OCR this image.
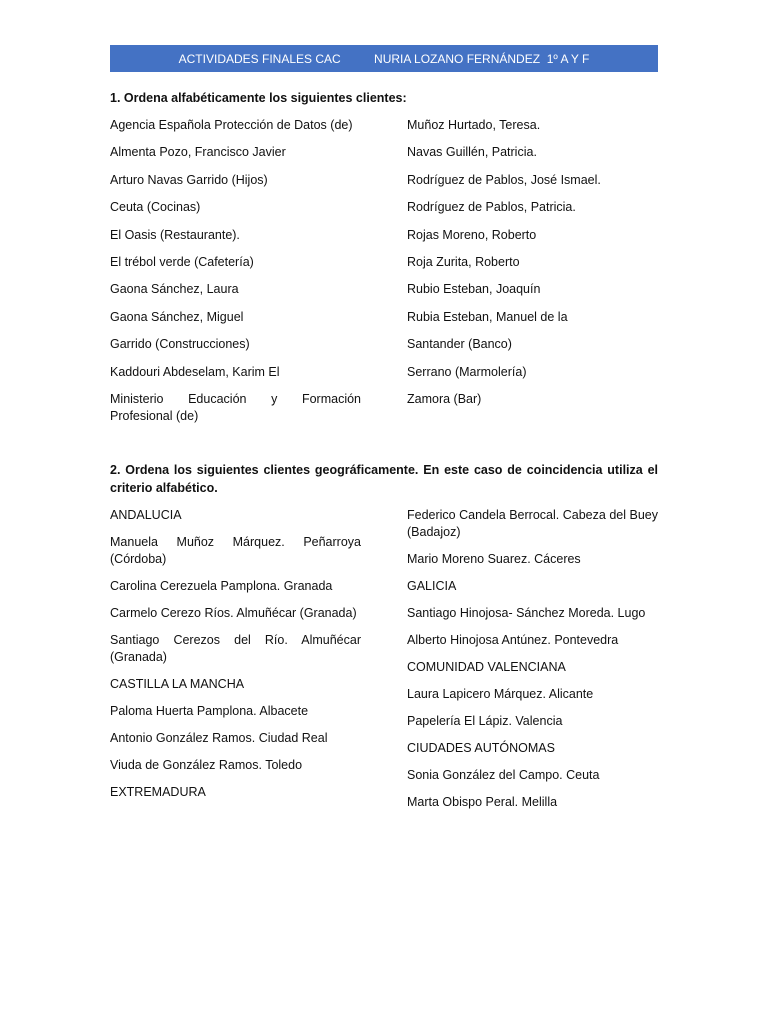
ACTIVIDADES FINALES CAC
	NURIA LOZANO FERNÁNDEZ  1º A Y F
1. Ordena alfabéticamente los siguientes clientes:
Agencia Española Protección de Datos (de)
Almenta Pozo, Francisco Javier
Arturo Navas Garrido (Hijos)
Ceuta (Cocinas)
El Oasis (Restaurante).
El trébol verde (Cafetería)
Gaona Sánchez, Laura
Gaona Sánchez, Miguel
Garrido (Construcciones)
Kaddouri Abdeselam, Karim El
Ministerio Educación y Formación Profesional (de)
Muñoz Hurtado, Teresa.
Navas Guillén, Patricia.
Rodríguez de Pablos, José Ismael.
Rodríguez de Pablos, Patricia.
Rojas Moreno, Roberto
Roja Zurita, Roberto
Rubio Esteban, Joaquín
Rubia Esteban, Manuel de la
Santander (Banco)
Serrano (Marmolería)
Zamora (Bar)
2. Ordena los siguientes clientes geográficamente. En este caso de coincidencia utiliza el criterio alfabético.
ANDALUCIA
Manuela Muñoz Márquez. Peñarroya (Córdoba)
Carolina Cerezuela Pamplona. Granada
Carmelo Cerezo Ríos. Almuñécar (Granada)
Santiago Cerezos del Río. Almuñécar (Granada)
CASTILLA LA MANCHA
Paloma Huerta Pamplona. Albacete
Antonio González Ramos. Ciudad Real
Viuda de González Ramos. Toledo
EXTREMADURA
Federico Candela Berrocal. Cabeza del Buey (Badajoz)
Mario Moreno Suarez. Cáceres
GALICIA
Santiago Hinojosa- Sánchez Moreda. Lugo
Alberto Hinojosa Antúnez. Pontevedra
COMUNIDAD VALENCIANA
Laura Lapicero Márquez. Alicante
Papelería El Lápiz. Valencia
CIUDADES AUTÓNOMAS
Sonia González del Campo. Ceuta
Marta Obispo Peral. Melilla
